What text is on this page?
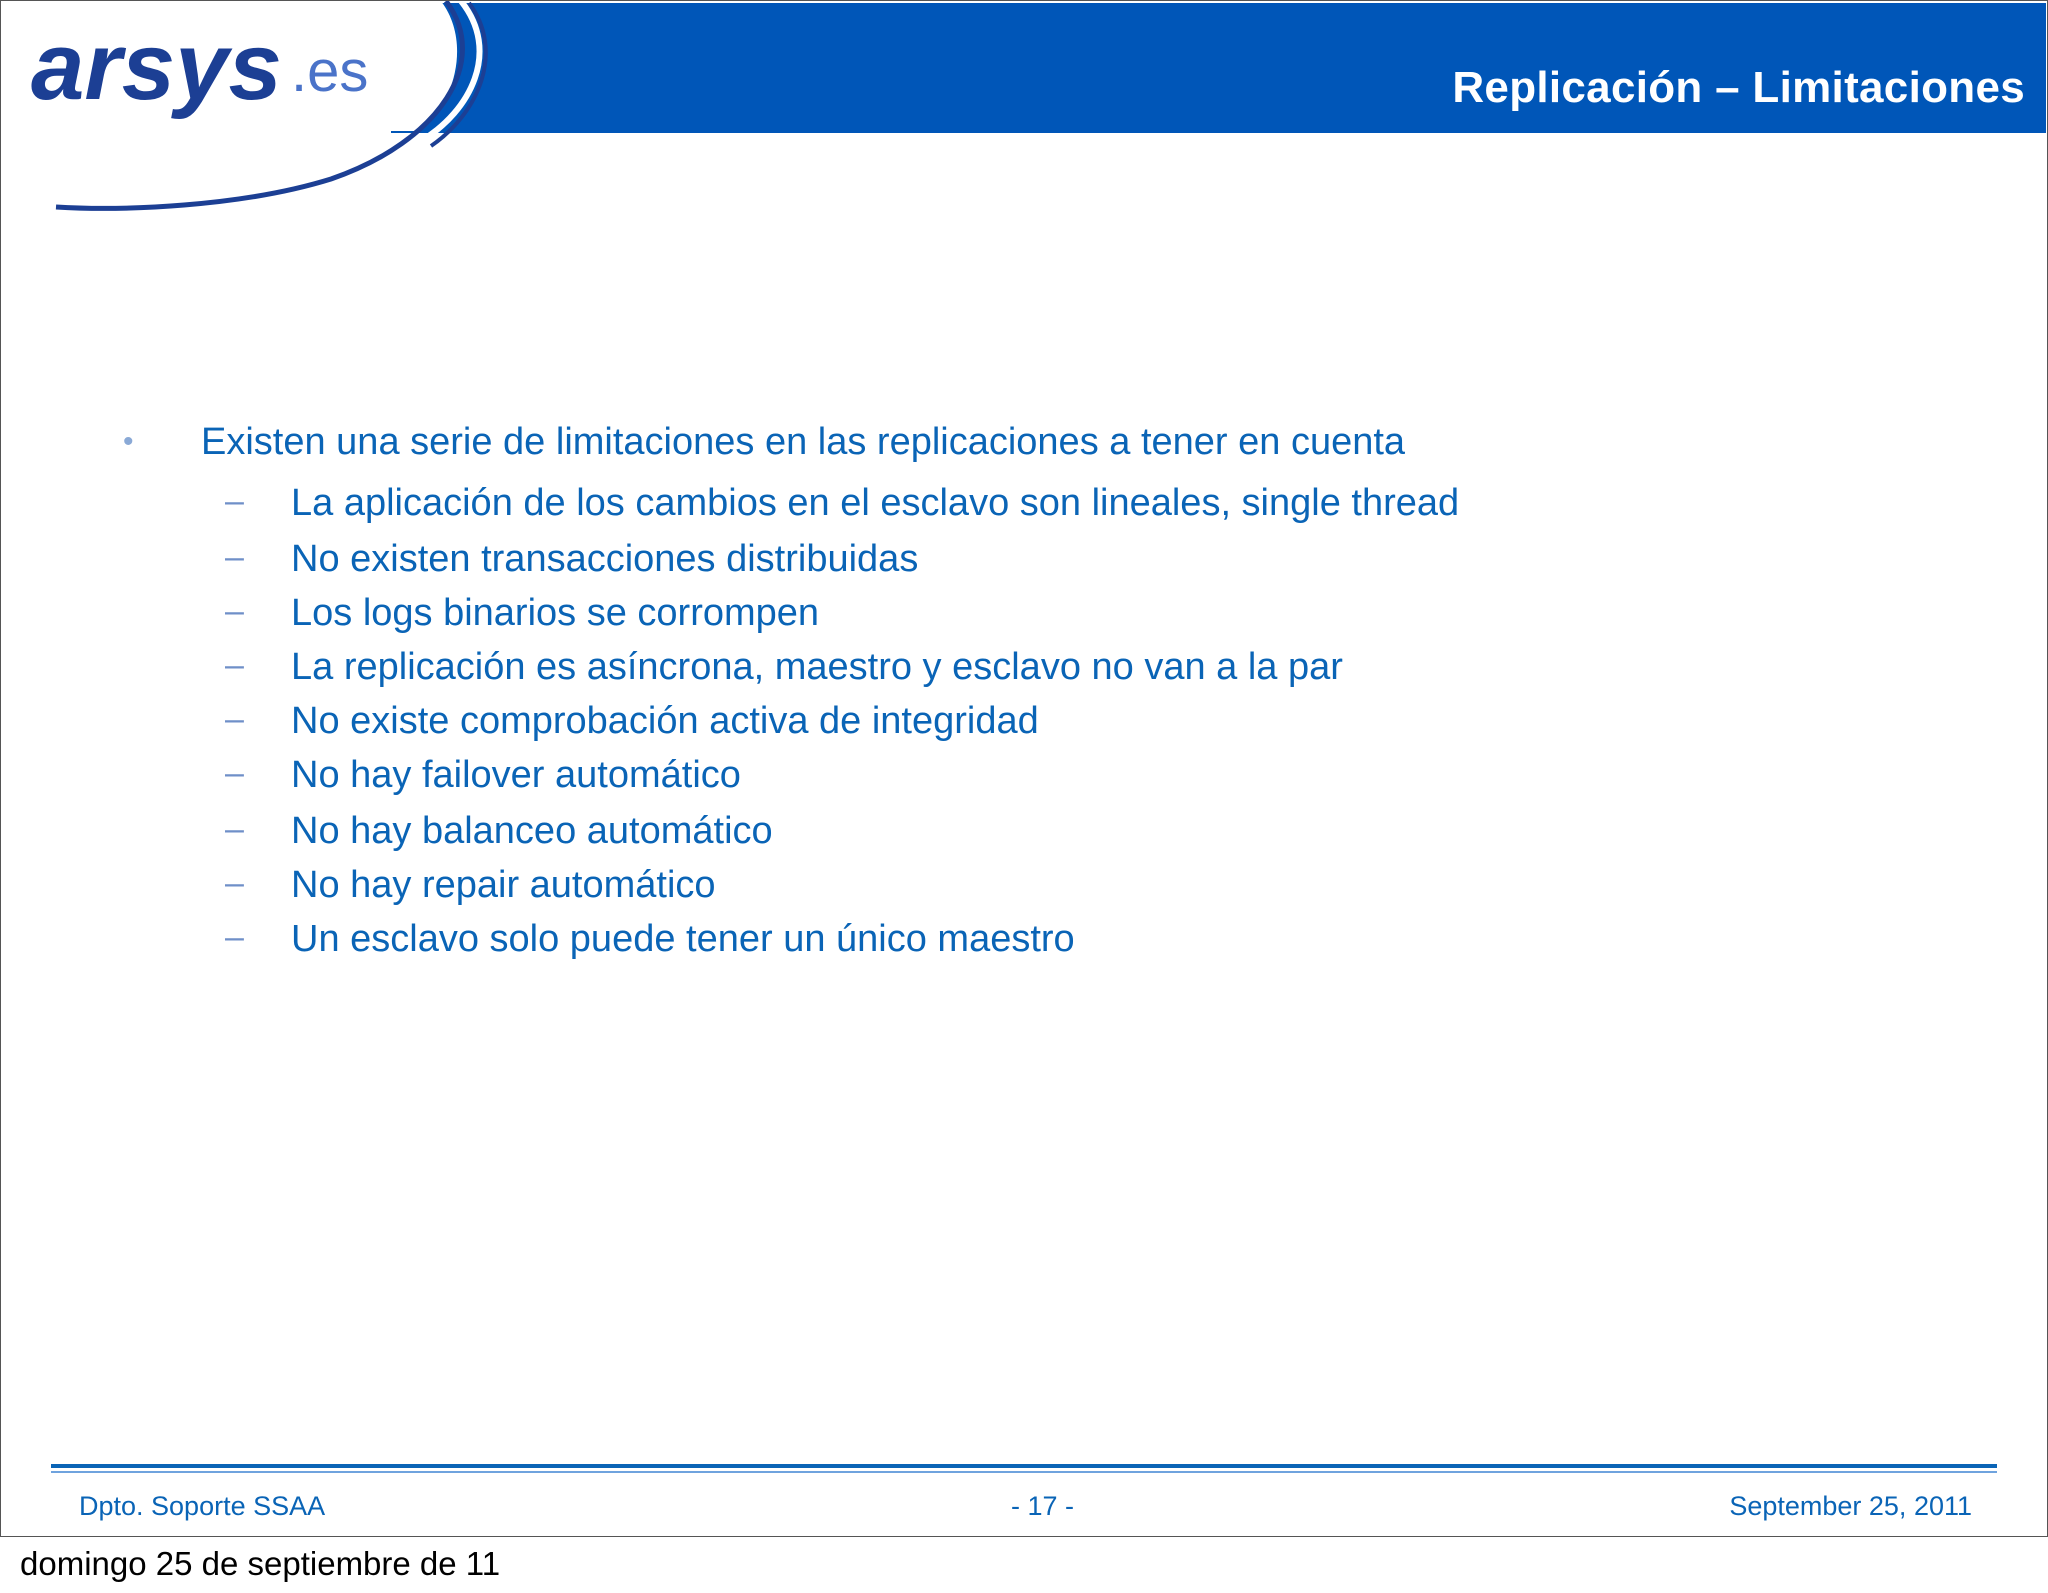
arsys .es	Replicación – Limitaciones
• Existen una serie de limitaciones en las replicaciones a tener en cuenta
– La aplicación de los cambios en el esclavo son lineales, single thread
– No existen transacciones distribuidas
– Los logs binarios se corrompen
– La replicación es asíncrona, maestro y esclavo no van a la par
– No existe comprobación activa de integridad
– No hay failover automático
– No hay balanceo automático
– No hay repair automático
– Un esclavo solo puede tener un único maestro
Dpto. Soporte SSAA	- 17 -	September 25, 2011
domingo 25 de septiembre de 11
